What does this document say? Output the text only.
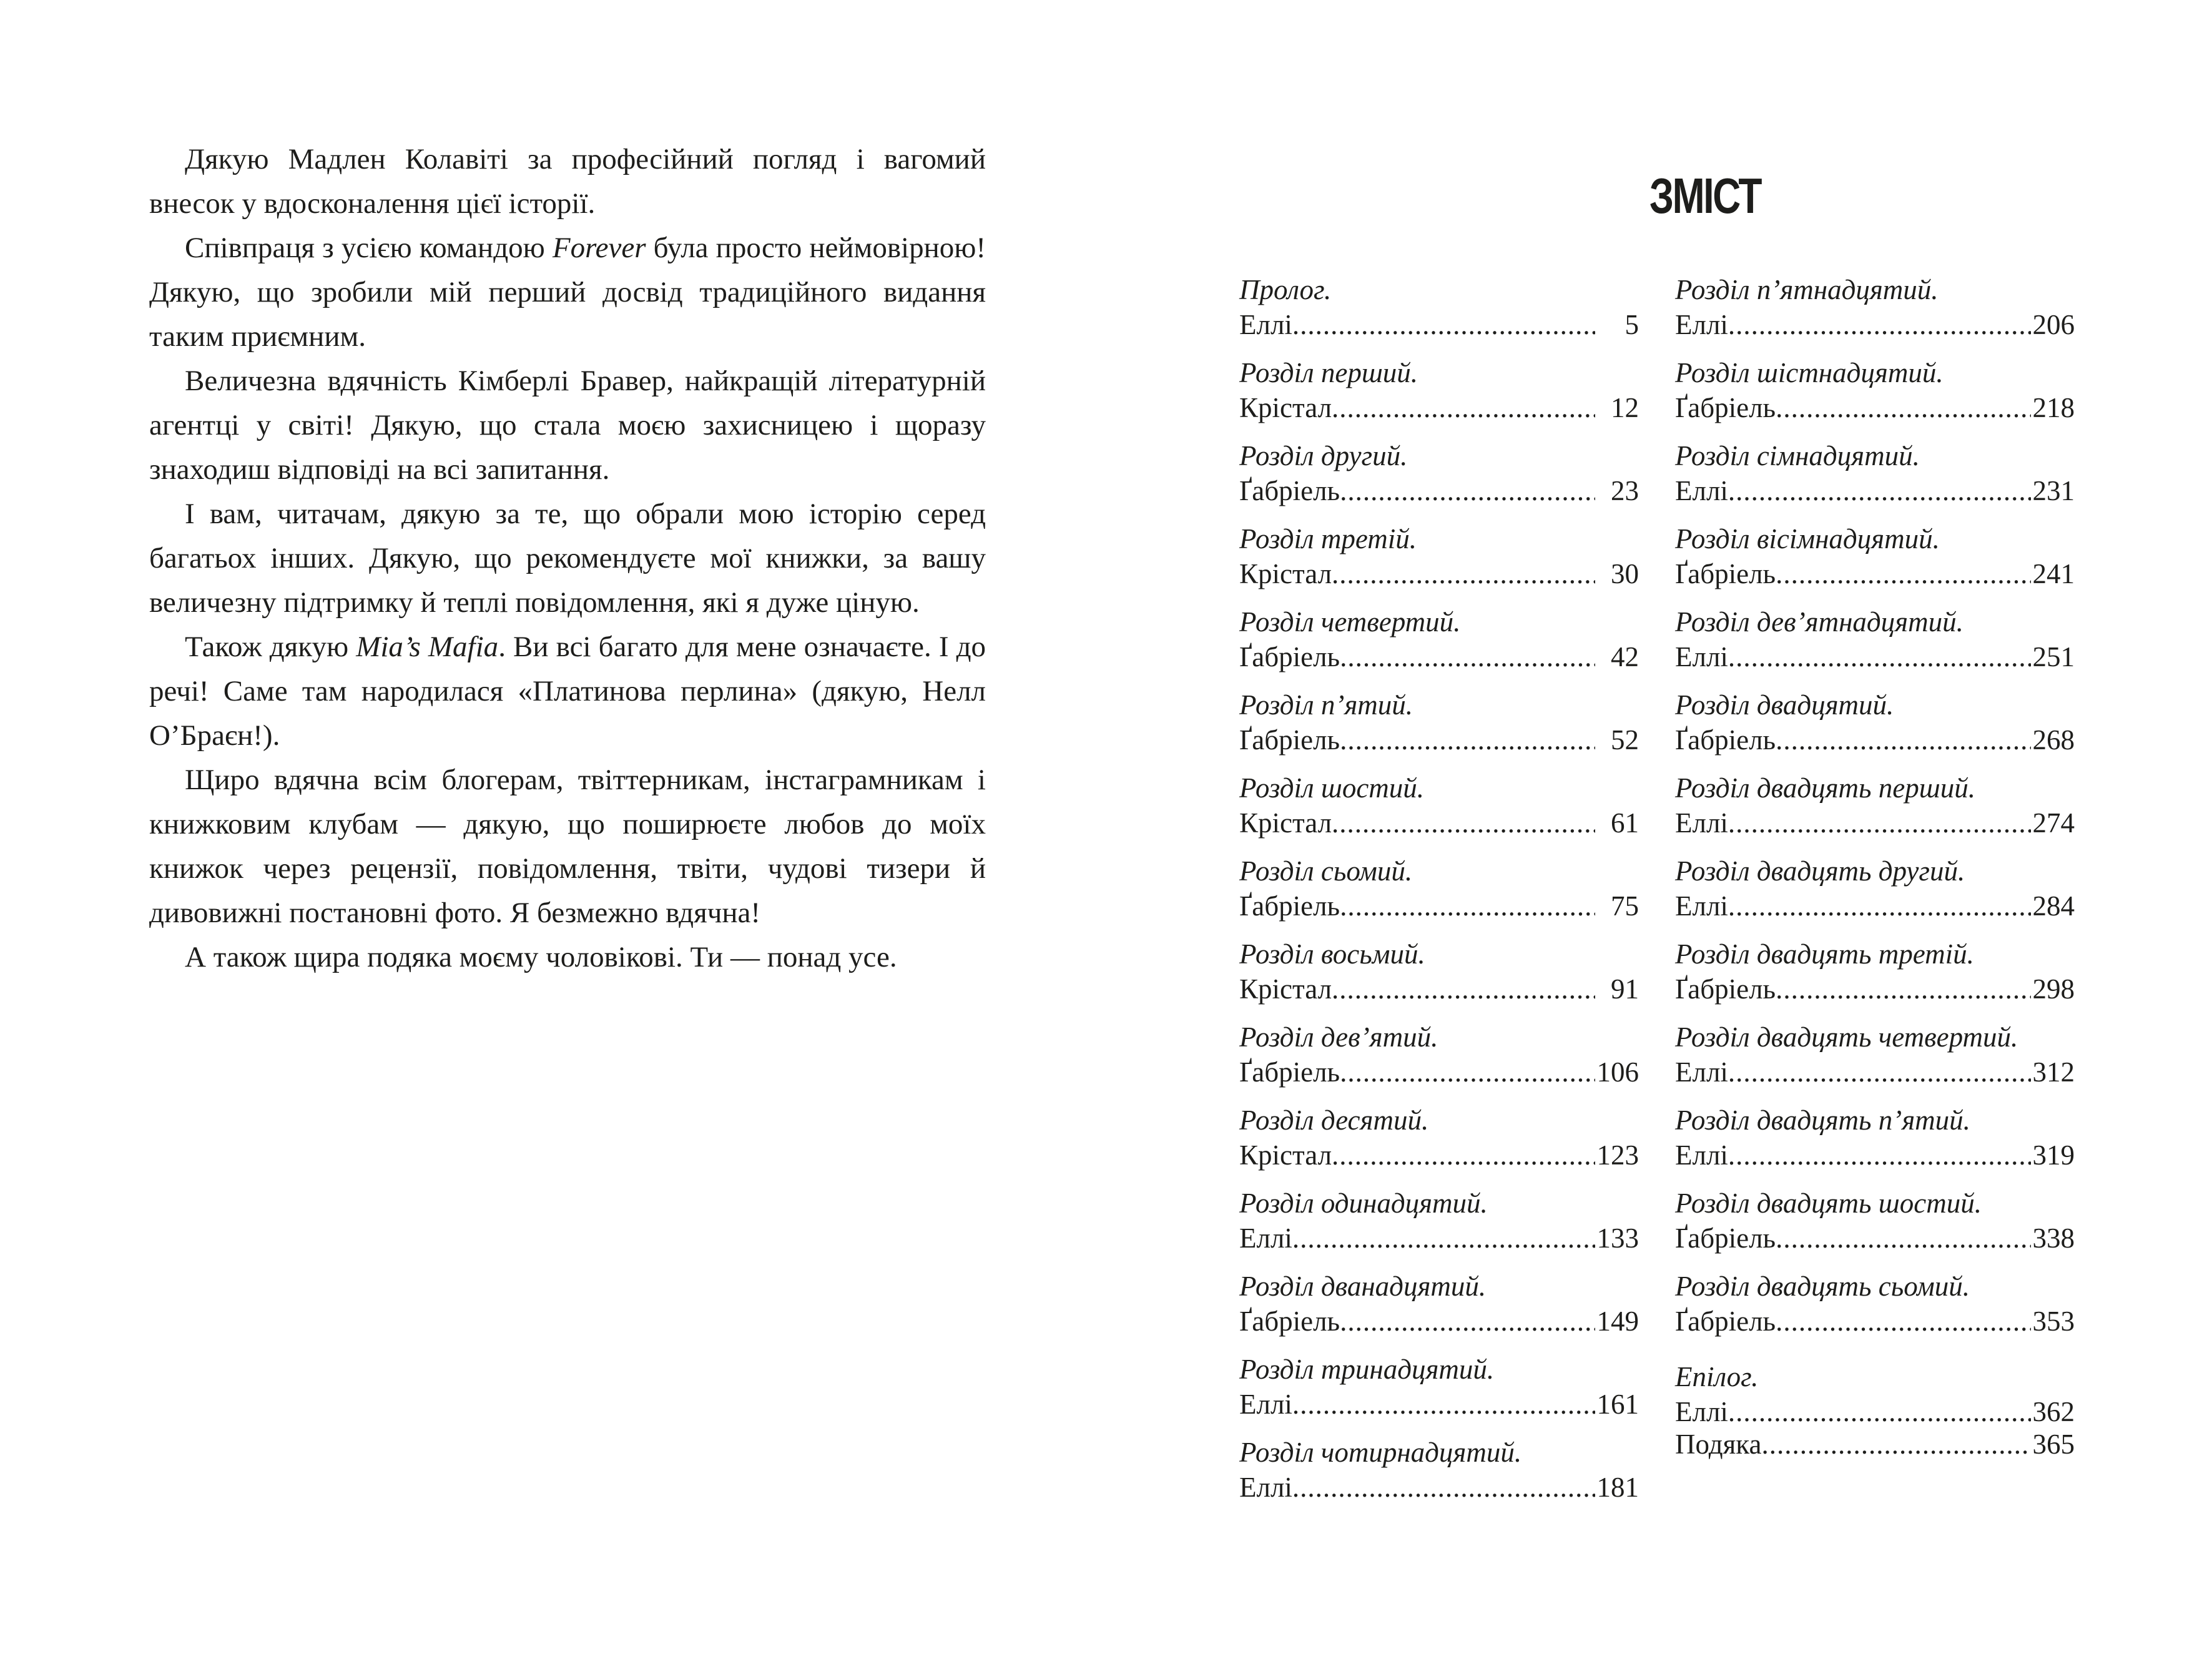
Дякую Мадлен Колавіті за професійний погляд і вагомий внесок у вдосконалення цієї історії.

Співпраця з усією командою Forever була просто неймовірною! Дякую, що зробили мій перший досвід традиційного видання таким приємним.

Величезна вдячність Кімберлі Бравер, найкращій літературній агентці у світі! Дякую, що стала моєю захисницею і щоразу знаходиш відповіді на всі запитання.

І вам, читачам, дякую за те, що обрали мою історію серед багатьох інших. Дякую, що рекомендуєте мої книжки, за вашу величезну підтримку й теплі повідомлення, які я дуже ціную.

Також дякую Mia’s Mafia. Ви всі багато для мене означаєте. І до речі! Саме там народилася «Платинова перлина» (дякую, Нелл О’Браєн!).

Щиро вдячна всім блогерам, твіттерникам, інстаграмникам і книжковим клубам — дякую, що поширюєте любов до моїх книжок через рецензії, повідомлення, твіти, чудові тизери й дивовижні постановні фото. Я безмежно вдячна!

А також щира подяка моєму чоловікові. Ти — понад усе.

ЗМІСТ
Пролог.
Еллі .....	5
Розділ перший.
Крістал .....	12
Розділ другий.
Ґабріель .....	23
Розділ третій.
Крістал .....	30
Розділ четвертий.
Ґабріель .....	42
Розділ п’ятий.
Ґабріель .....	52
Розділ шостий.
Крістал .....	61
Розділ сьомий.
Ґабріель .....	75
Розділ восьмий.
Крістал .....	91
Розділ дев’ятий.
Ґабріель .....	106
Розділ десятий.
Крістал .....	123
Розділ одинадцятий.
Еллі .....	133
Розділ дванадцятий.
Ґабріель .....	149
Розділ тринадцятий.
Еллі .....	161
Розділ чотирнадцятий.
Еллі .....	181
Розділ п’ятнадцятий.
Еллі .....	206
Розділ шістнадцятий.
Ґабріель .....	218
Розділ сімнадцятий.
Еллі .....	231
Розділ вісімнадцятий.
Ґабріель .....	241
Розділ дев’ятнадцятий.
Еллі .....	251
Розділ двадцятий.
Ґабріель .....	268
Розділ двадцять перший.
Еллі .....	274
Розділ двадцять другий.
Еллі .....	284
Розділ двадцять третій.
Ґабріель .....	298
Розділ двадцять четвертий.
Еллі .....	312
Розділ двадцять п’ятий.
Еллі .....	319
Розділ двадцять шостий.
Ґабріель .....	338
Розділ двадцять сьомий.
Ґабріель .....	353
Епілог.
Еллі .....	362
Подяка .....	365
